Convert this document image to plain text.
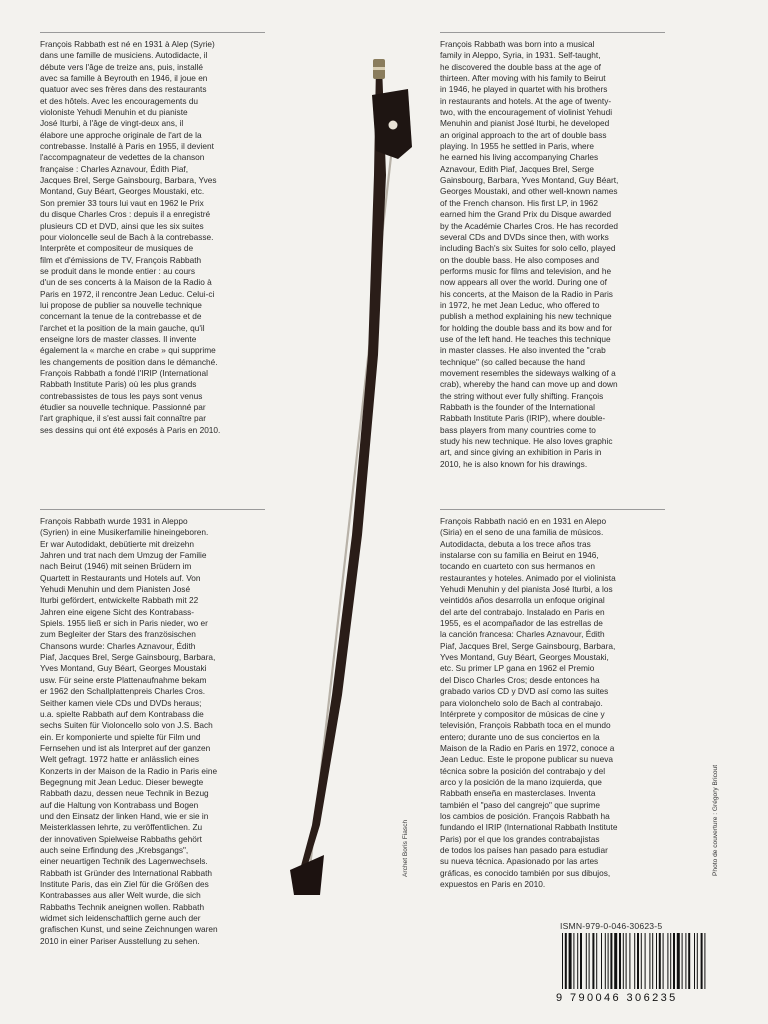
François Rabbath est né en 1931 à Alep (Syrie)
dans une famille de musiciens. Autodidacte, il
débute vers l'âge de treize ans, puis, installé
avec sa famille à Beyrouth en 1946, il joue en
quatuor avec ses frères dans des restaurants
et des hôtels. Avec les encouragements du
violoniste Yehudi Menuhin et du pianiste
José Iturbi, à l'âge de vingt-deux ans, il
élabore une approche originale de l'art de la
contrebasse. Installé à Paris en 1955, il devient
l'accompagnateur de vedettes de la chanson
française : Charles Aznavour, Édith Piaf,
Jacques Brel, Serge Gainsbourg, Barbara, Yves
Montand, Guy Béart, Georges Moustaki, etc.
Son premier 33 tours lui vaut en 1962 le Prix
du disque Charles Cros : depuis il a enregistré
plusieurs CD et DVD, ainsi que les six suites
pour violoncelle seul de Bach à la contrebasse.
Interprète et compositeur de musiques de
film et d'émissions de TV, François Rabbath
se produit dans le monde entier : au cours
d'un de ses concerts à la Maison de la Radio à
Paris en 1972, il rencontre Jean Leduc. Celui-ci
lui propose de publier sa nouvelle technique
concernant la tenue de la contrebasse et de
l'archet et la position de la main gauche, qu'il
enseigne lors de master classes. Il invente
également la « marche en crabe » qui supprime
les changements de position dans le démanché.
François Rabbath a fondé l'IRIP (International
Rabbath Institute Paris) où les plus grands
contrebassistes de tous les pays sont venus
étudier sa nouvelle technique. Passionné par
l'art graphique, il s'est aussi fait connaître par
ses dessins qui ont été exposés à Paris en 2010.
François Rabbath was born into a musical
family in Aleppo, Syria, in 1931. Self-taught,
he discovered the double bass at the age of
thirteen. After moving with his family to Beirut
in 1946, he played in quartet with his brothers
in restaurants and hotels. At the age of twenty-
two, with the encouragement of violinist Yehudi
Menuhin and pianist José Iturbi, he developed
an original approach to the art of double bass
playing. In 1955 he settled in Paris, where
he earned his living accompanying Charles
Aznavour, Edith Piaf, Jacques Brel, Serge
Gainsbourg, Barbara, Yves Montand, Guy Béart,
Georges Moustaki, and other well-known names
of the French chanson. His first LP, in 1962
earned him the Grand Prix du Disque awarded
by the Académie Charles Cros. He has recorded
several CDs and DVDs since then, with works
including Bach's six Suites for solo cello, played
on the double bass. He also composes and
performs music for films and television, and he
now appears all over the world. During one of
his concerts, at the Maison de la Radio in Paris
in 1972, he met Jean Leduc, who offered to
publish a method explaining his new technique
for holding the double bass and its bow and for
use of the left hand. He teaches this technique
in master classes. He also invented the "crab
technique" (so called because the hand
movement resembles the sideways walking of a
crab), whereby the hand can move up and down
the string without ever fully shifting. François
Rabbath is the founder of the International
Rabbath Institute Paris (IRIP), where double-
bass players from many countries come to
study his new technique. He also loves graphic
art, and since giving an exhibition in Paris in
2010, he is also known for his drawings.
François Rabbath wurde 1931 in Aleppo
(Syrien) in eine Musikerfamilie hineingeboren.
Er war Autodidakt, debütierte mit dreizehn
Jahren und trat nach dem Umzug der Familie
nach Beirut (1946) mit seinen Brüdern im
Quartett in Restaurants und Hotels auf. Von
Yehudi Menuhin und dem Pianisten José
Iturbi gefördert, entwickelte Rabbath mit 22
Jahren eine eigene Sicht des Kontrabass-
Spiels. 1955 ließ er sich in Paris nieder, wo er
zum Begleiter der Stars des französischen
Chansons wurde: Charles Aznavour, Édith
Piaf, Jacques Brel, Serge Gainsbourg, Barbara,
Yves Montand, Guy Béart, Georges Moustaki
usw. Für seine erste Plattenaufnahme bekam
er 1962 den Schallplattenpreis Charles Cros.
Seither kamen viele CDs und DVDs heraus;
u.a. spielte Rabbath auf dem Kontrabass die
sechs Suiten für Violoncello solo von J.S. Bach
ein. Er komponierte und spielte für Film und
Fernsehen und ist als Interpret auf der ganzen
Welt gefragt. 1972 hatte er anlässlich eines
Konzerts in der Maison de la Radio in Paris eine
Begegnung mit Jean Leduc. Dieser bewegte
Rabbath dazu, dessen neue Technik in Bezug
auf die Haltung von Kontrabass und Bogen
und den Einsatz der linken Hand, wie er sie in
Meisterklassen lehrte, zu veröffentlichen. Zu
der innovativen Spielweise Rabbaths gehört
auch seine Erfindung des „Krebsgangs",
einer neuartigen Technik des Lagenwechsels.
Rabbath ist Gründer des International Rabbath
Institute Paris, das ein Ziel für die Größen des
Kontrabasses aus aller Welt wurde, die sich
Rabbaths Technik aneignen wollen. Rabbath
widmet sich leidenschaftlich gerne auch der
grafischen Kunst, und seine Zeichnungen waren
2010 in einer Pariser Ausstellung zu sehen.
François Rabbath nació en en 1931 en Alepo
(Siria) en el seno de una familia de músicos.
Autodidacta, debuta a los trece años tras
instalarse con su familia en Beirut en 1946,
tocando en cuarteto con sus hermanos en
restaurantes y hoteles. Animado por el violinista
Yehudi Menuhin y del pianista José Iturbi, a los
veintidós años desarrolla un enfoque original
del arte del contrabajo. Instalado en Paris en
1955, es el acompañador de las estrellas de
la canción francesa: Charles Aznavour, Édith
Piaf, Jacques Brel, Serge Gainsbourg, Barbara,
Yves Montand, Guy Béart, Georges Moustaki,
etc. Su primer LP gana en 1962 el Premio
del Disco Charles Cros; desde entonces ha
grabado varios CD y DVD así como las suites
para violonchelo solo de Bach al contrabajo.
Intérprete y compositor de músicas de cine y
televisión, François Rabbath toca en el mundo
entero; durante uno de sus conciertos en la
Maison de la Radio en Paris en 1972, conoce a
Jean Leduc. Este le propone publicar su nueva
técnica sobre la posición del contrabajo y del
arco y la posición de la mano izquierda, que
Rabbath enseña en masterclases. Inventa
también el "paso del cangrejo" que suprime
los cambios de posición. François Rabbath ha
fundando el IRIP (International Rabbath Institute
Paris) por el que los grandes contrabajistas
de todos los países han pasado para estudiar
su nueva técnica. Apasionado por las artes
gráficas, es conocido también por sus dibujos,
expuestos en Paris en 2010.
Archet Boris Fiasch	Photo de couverture : Grégory Bricout
ISMN-979-0-046-30623-5
9 790046 306235
